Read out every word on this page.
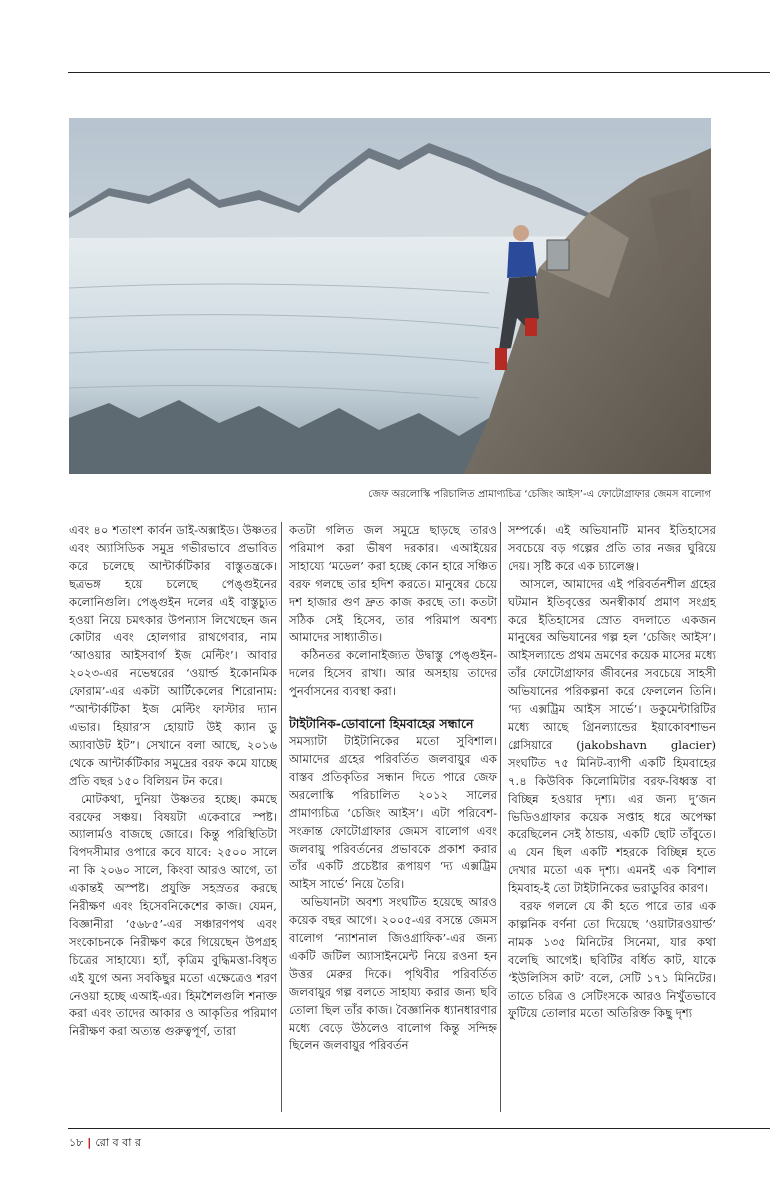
জেফ অরলোস্কি পরিচালিত প্রামাণ্যচিত্র ‘চেজিং আইস’-এ ফোটোগ্রাফার জেমস বালোগ

এবং ৪০ শতাংশ কার্বন ডাই-অক্সাইড। উষ্ণতর এবং অ্যাসিডিক সমুদ্র গভীরভাবে প্রভাবিত করে চলেছে আন্টার্কটিকার বাস্তুতন্ত্রকে। ছত্রভঙ্গ হয়ে চলেছে পেঙ্গুইনের কলোনিগুলি। পেঙ্গুইন দলের এই বাস্তুচ্যুত হওয়া নিয়ে চমৎকার উপন্যাস লিখেছেন জন কোটার এবং হোলগার রাথগেবার, নাম ‘আওয়ার আইসবার্গ ইজ মেল্টিং’। আবার ২০২৩-এর নভেম্বরের ‘ওয়ার্ল্ড ইকোনমিক ফোরাম’-এর একটা আর্টিকেলের শিরোনাম: “আন্টার্কটিকা ইজ মেল্টিং ফাস্টার দ্যান এভার। হিয়ার’স হোয়াট উই ক্যান ডু অ্যাবাউট ইট”। সেখানে বলা আছে, ২০১৬ থেকে আন্টার্কটিকার সমুদ্রের বরফ কমে যাচ্ছে প্রতি বছর ১৫০ বিলিয়ন টন করে।

মোটকথা, দুনিয়া উষ্ণতর হচ্ছে। কমছে বরফের সঞ্চয়। বিষয়টা একেবারে স্পষ্ট। অ্যালার্মও বাজছে জোরে। কিন্তু পরিস্থিতিটা বিপদসীমার ওপারে কবে যাবে: ২৫০০ সালে না কি ২০৬০ সালে, কিংবা আরও আগে, তা একান্তই অস্পষ্ট। প্রযুক্তি সহস্রতর করছে নিরীক্ষণ এবং হিসেবনিকেশের কাজ। যেমন, বিজ্ঞানীরা ‘৫৬৮৫’-এর সঞ্চারণপথ এবং সংকোচনকে নিরীক্ষণ করে গিয়েছেন উপগ্রহ চিত্রের সাহায্যে। হ্যাঁ, কৃত্রিম বুদ্ধিমত্তা-বিধৃত এই যুগে অন্য সবকিছুর মতো এক্ষেত্রেও শরণ নেওয়া হচ্ছে এআই-এর। হিমশৈলগুলি শনাক্ত করা এবং তাদের আকার ও আকৃতির পরিমাণ নিরীক্ষণ করা অত্যন্ত গুরুত্বপূর্ণ, তারা

কতটা গলিত জল সমুদ্রে ছাড়ছে তারও পরিমাপ করা ভীষণ দরকার। এআইয়ের সাহায্যে ‘মডেল’ করা হচ্ছে কোন হারে সঞ্চিত বরফ গলছে তার হদিশ করতে। মানুষের চেয়ে দশ হাজার গুণ দ্রুত কাজ করছে তা। কতটা সঠিক সেই হিসেব, তার পরিমাপ অবশ্য আমাদের সাধ্যাতীত।

কঠিনতর কলোনাইজ্যত উদ্বাস্তু পেঙ্গুইন-দলের হিসেব রাখা। আর অসহায় তাদের পুনর্বাসনের ব্যবস্থা করা।

টাইটানিক-ডোবানো হিমবাহের সন্ধানে

সমস্যাটা টাইটানিকের মতো সুবিশাল। আমাদের গ্রহের পরিবর্তিত জলবায়ুর এক বাস্তব প্রতিকৃতির সন্ধান দিতে পারে জেফ অরলোস্কি পরিচালিত ২০১২ সালের প্রামাণ্যচিত্র ‘চেজিং আইস’। এটা পরিবেশ-সংক্রান্ত ফোটোগ্রাফার জেমস বালোগ এবং জলবায়ু পরিবর্তনের প্রভাবকে প্রকাশ করার তাঁর একটি প্রচেষ্টার রূপায়ণ ‘দ্য এক্সট্রিম আইস সার্ভে’ নিয়ে তৈরি।

অভিযানটা অবশ্য সংঘটিত হয়েছে আরও কয়েক বছর আগে। ২০০৫-এর বসন্তে জেমস বালোগ ‘ন্যাশনাল জিওগ্রাফিক’-এর জন্য একটি জটিল অ্যাসাইনমেন্ট নিয়ে রওনা হন উত্তর মেরুর দিকে। পৃথিবীর পরিবর্তিত জলবায়ুর গল্প বলতে সাহায্য করার জন্য ছবি তোলা ছিল তাঁর কাজ। বৈজ্ঞানিক ধ্যানধারণার মধ্যে বেড়ে উঠলেও বালোগ কিন্তু সন্দিহ্ন ছিলেন জলবায়ুর পরিবর্তন

সম্পর্কে। এই অভিযানটি মানব ইতিহাসের সবচেয়ে বড় গল্পের প্রতি তার নজর ঘুরিয়ে দেয়। সৃষ্টি করে এক চ্যালেঞ্জ।

আসলে, আমাদের এই পরিবর্তনশীল গ্রহের ঘটমান ইতিবৃত্তের অনস্বীকার্য প্রমাণ সংগ্রহ করে ইতিহাসের স্রোত বদলাতে একজন মানুষের অভিযানের গল্প হল ‘চেজিং আইস’। আইসল্যান্ডে প্রথম ভ্রমণের কয়েক মাসের মধ্যে তাঁর ফোটোগ্রাফার জীবনের সবচেয়ে সাহসী অভিযানের পরিকল্পনা করে ফেললেন তিনি। ‘দ্য এক্সট্রিম আইস সার্ভে’। ডকুমেন্টারিটির মধ্যে আছে গ্রিনল্যান্ডের ইয়াকোবশাভন গ্লেসিয়ারে (jakobshavn glacier) সংঘটিত ৭৫ মিনিট-ব্যাপী একটি হিমবাহের ৭.৪ কিউবিক কিলোমিটার বরফ-বিধ্বস্ত বা বিচ্ছিন্ন হওয়ার দৃশ্য। এর জন্য দু’জন ভিডিওগ্রাফার কয়েক সপ্তাহ ধরে অপেক্ষা করেছিলেন সেই ঠান্ডায়, একটি ছোট তাঁবুতে। এ যেন ছিল একটি শহরকে বিচ্ছিন্ন হতে দেখার মতো এক দৃশ্য। এমনই এক বিশাল হিমবাহ-ই তো টাইটানিকের ভরাডুবির কারণ।

বরফ গললে যে কী হতে পারে তার এক কাল্পনিক বর্ণনা তো দিয়েছে ‘ওয়াটারওয়ার্ল্ড’ নামক ১৩৫ মিনিটের সিনেমা, যার কথা বলেছি আগেই। ছবিটির বর্ধিত কাট, যাকে ‘ইউলিসিস কাট’ বলে, সেটি ১৭১ মিনিটের। তাতে চরিত্র ও সেটিংসকে আরও নিখুঁতভাবে ফুটিয়ে তোলার মতো অতিরিক্ত কিছু দৃশ্য

১৮ | রো ব বা র
